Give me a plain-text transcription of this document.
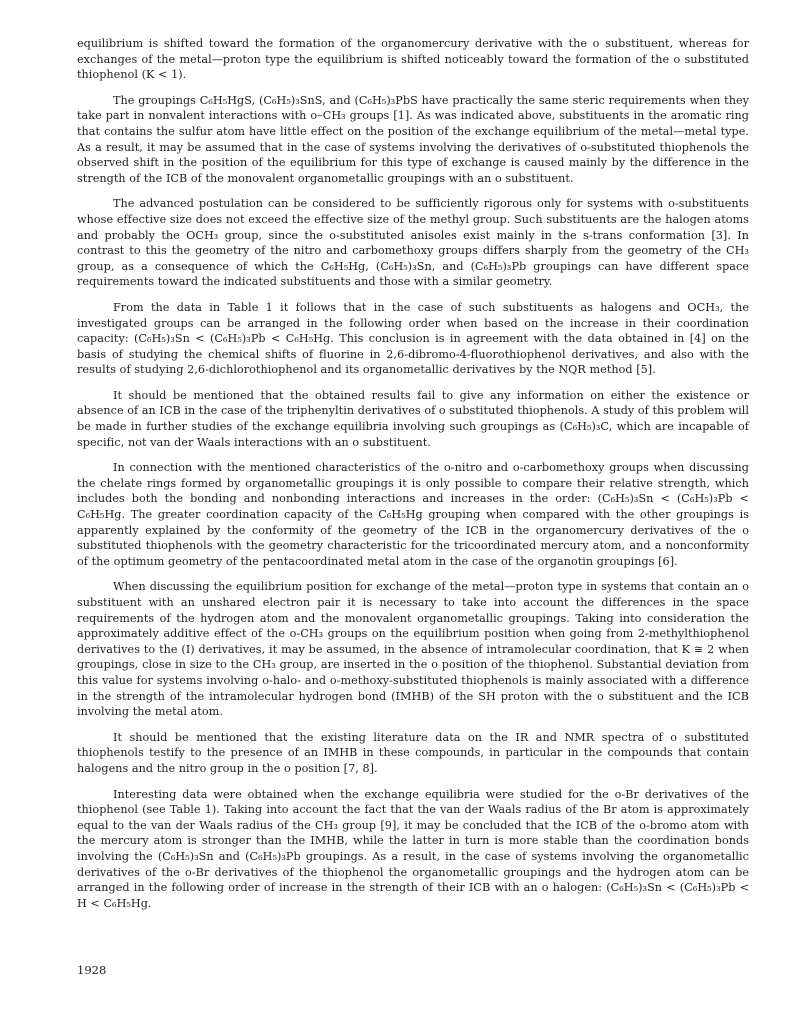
equilibrium is shifted toward the formation of the organomercury derivative with the o substituent, whereas for exchanges of the metal—proton type the equilibrium is shifted noticeably toward the formation of the o substituted thiophenol (K < 1).

The groupings C₆H₅HgS, (C₆H₅)₃SnS, and (C₆H₅)₃PbS have practically the same steric requirements when they take part in nonvalent interactions with o–CH₃ groups [1]. As was indicated above, substituents in the aromatic ring that contains the sulfur atom have little effect on the position of the exchange equilibrium of the metal—metal type. As a result, it may be assumed that in the case of systems involving the derivatives of o-substituted thiophenols the observed shift in the position of the equilibrium for this type of exchange is caused mainly by the difference in the strength of the ICB of the monovalent organometallic groupings with an o substituent.

The advanced postulation can be considered to be sufficiently rigorous only for systems with o-substituents whose effective size does not exceed the effective size of the methyl group. Such substituents are the halogen atoms and probably the OCH₃ group, since the o-substituted anisoles exist mainly in the s-trans conformation [3]. In contrast to this the geometry of the nitro and carbomethoxy groups differs sharply from the geometry of the CH₃ group, as a consequence of which the C₆H₅Hg, (C₆H₅)₃Sn, and (C₆H₅)₃Pb groupings can have different space requirements toward the indicated substituents and those with a similar geometry.

From the data in Table 1 it follows that in the case of such substituents as halogens and OCH₃, the investigated groups can be arranged in the following order when based on the increase in their coordination capacity: (C₆H₅)₃Sn < (C₆H₅)₃Pb < C₆H₅Hg. This conclusion is in agreement with the data obtained in [4] on the basis of studying the chemical shifts of fluorine in 2,6-dibromo-4-fluorothiophenol derivatives, and also with the results of studying 2,6-dichlorothiophenol and its organometallic derivatives by the NQR method [5].

It should be mentioned that the obtained results fail to give any information on either the existence or absence of an ICB in the case of the triphenyltin derivatives of o substituted thiophenols. A study of this problem will be made in further studies of the exchange equilibria involving such groupings as (C₆H₅)₃C, which are incapable of specific, not van der Waals interactions with an o substituent.

In connection with the mentioned characteristics of the o-nitro and o-carbomethoxy groups when discussing the chelate rings formed by organometallic groupings it is only possible to compare their relative strength, which includes both the bonding and nonbonding interactions and increases in the order: (C₆H₅)₃Sn < (C₆H₅)₃Pb < C₆H₅Hg. The greater coordination capacity of the C₆H₅Hg grouping when compared with the other groupings is apparently explained by the conformity of the geometry of the ICB in the organomercury derivatives of the o substituted thiophenols with the geometry characteristic for the tricoordinated mercury atom, and a nonconformity of the optimum geometry of the pentacoordinated metal atom in the case of the organotin groupings [6].

When discussing the equilibrium position for exchange of the metal—proton type in systems that contain an o substituent with an unshared electron pair it is necessary to take into account the differences in the space requirements of the hydrogen atom and the monovalent organometallic groupings. Taking into consideration the approximately additive effect of the o-CH₃ groups on the equilibrium position when going from 2-methylthiophenol derivatives to the (I) derivatives, it may be assumed, in the absence of intramolecular coordination, that K ≅ 2 when groupings, close in size to the CH₃ group, are inserted in the o position of the thiophenol. Substantial deviation from this value for systems involving o-halo- and o-methoxy-substituted thiophenols is mainly associated with a difference in the strength of the intramolecular hydrogen bond (IMHB) of the SH proton with the o substituent and the ICB involving the metal atom.

It should be mentioned that the existing literature data on the IR and NMR spectra of o substituted thiophenols testify to the presence of an IMHB in these compounds, in particular in the compounds that contain halogens and the nitro group in the o position [7, 8].

Interesting data were obtained when the exchange equilibria were studied for the o-Br derivatives of the thiophenol (see Table 1). Taking into account the fact that the van der Waals radius of the Br atom is approximately equal to the van der Waals radius of the CH₃ group [9], it may be concluded that the ICB of the o-bromo atom with the mercury atom is stronger than the IMHB, while the latter in turn is more stable than the coordination bonds involving the (C₆H₅)₃Sn and (C₆H₅)₃Pb groupings. As a result, in the case of systems involving the organometallic derivatives of the o-Br derivatives of the thiophenol the organometallic groupings and the hydrogen atom can be arranged in the following order of increase in the strength of their ICB with an o halogen: (C₆H₅)₃Sn < (C₆H₅)₃Pb < H < C₆H₅Hg.

1928
